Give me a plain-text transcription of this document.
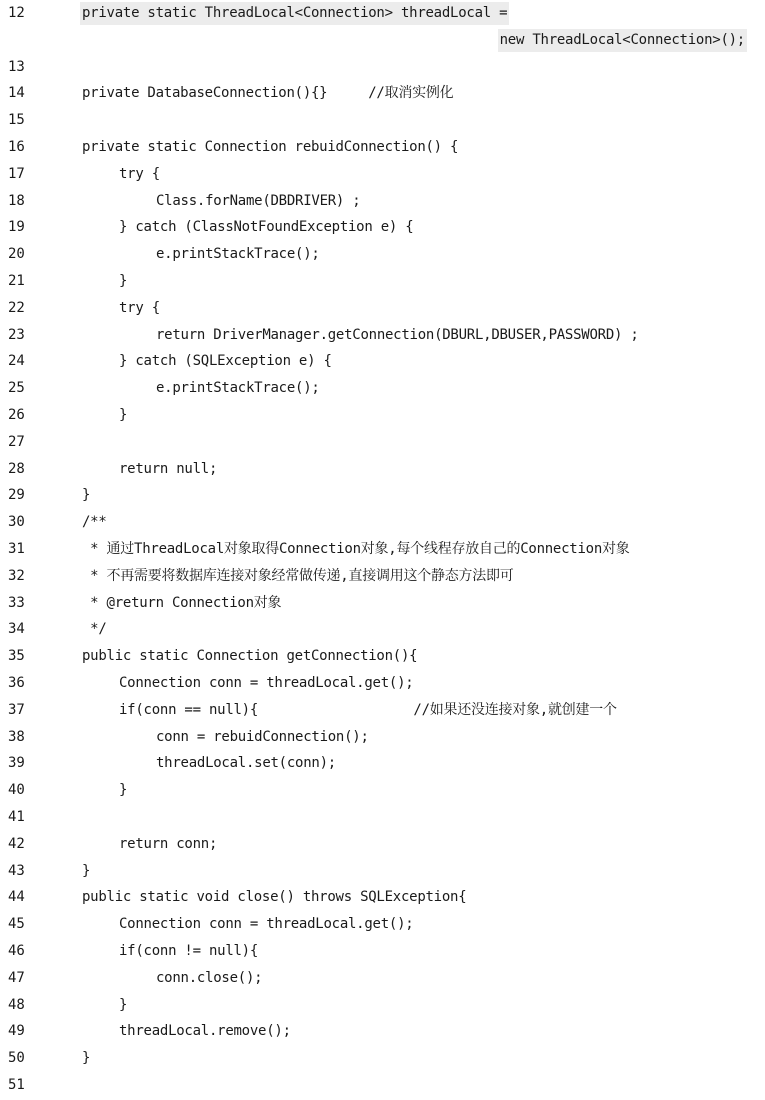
12	private static ThreadLocal<Connection> threadLocal =
new ThreadLocal<Connection>();
13
14	private DatabaseConnection(){}     //取消实例化
15
16	private static Connection rebuidConnection() {
17	try {
18	Class.forName(DBDRIVER) ;
19	} catch (ClassNotFoundException e) {
20	e.printStackTrace();
21	}
22	try {
23	return DriverManager.getConnection(DBURL,DBUSER,PASSWORD) ;
24	} catch (SQLException e) {
25	e.printStackTrace();
26	}
27
28	return null;
29	}
30	/**
31	* 通过ThreadLocal对象取得Connection对象,每个线程存放自己的Connection对象
32	* 不再需要将数据库连接对象经常做传递,直接调用这个静态方法即可
33	* @return Connection对象
34	*/
35	public static Connection getConnection(){
36	Connection conn = threadLocal.get();
37	if(conn == null){                   //如果还没连接对象,就创建一个
38	conn = rebuidConnection();
39	threadLocal.set(conn);
40	}
41
42	return conn;
43	}
44	public static void close() throws SQLException{
45	Connection conn = threadLocal.get();
46	if(conn != null){
47	conn.close();
48	}
49	threadLocal.remove();
50	}
51
